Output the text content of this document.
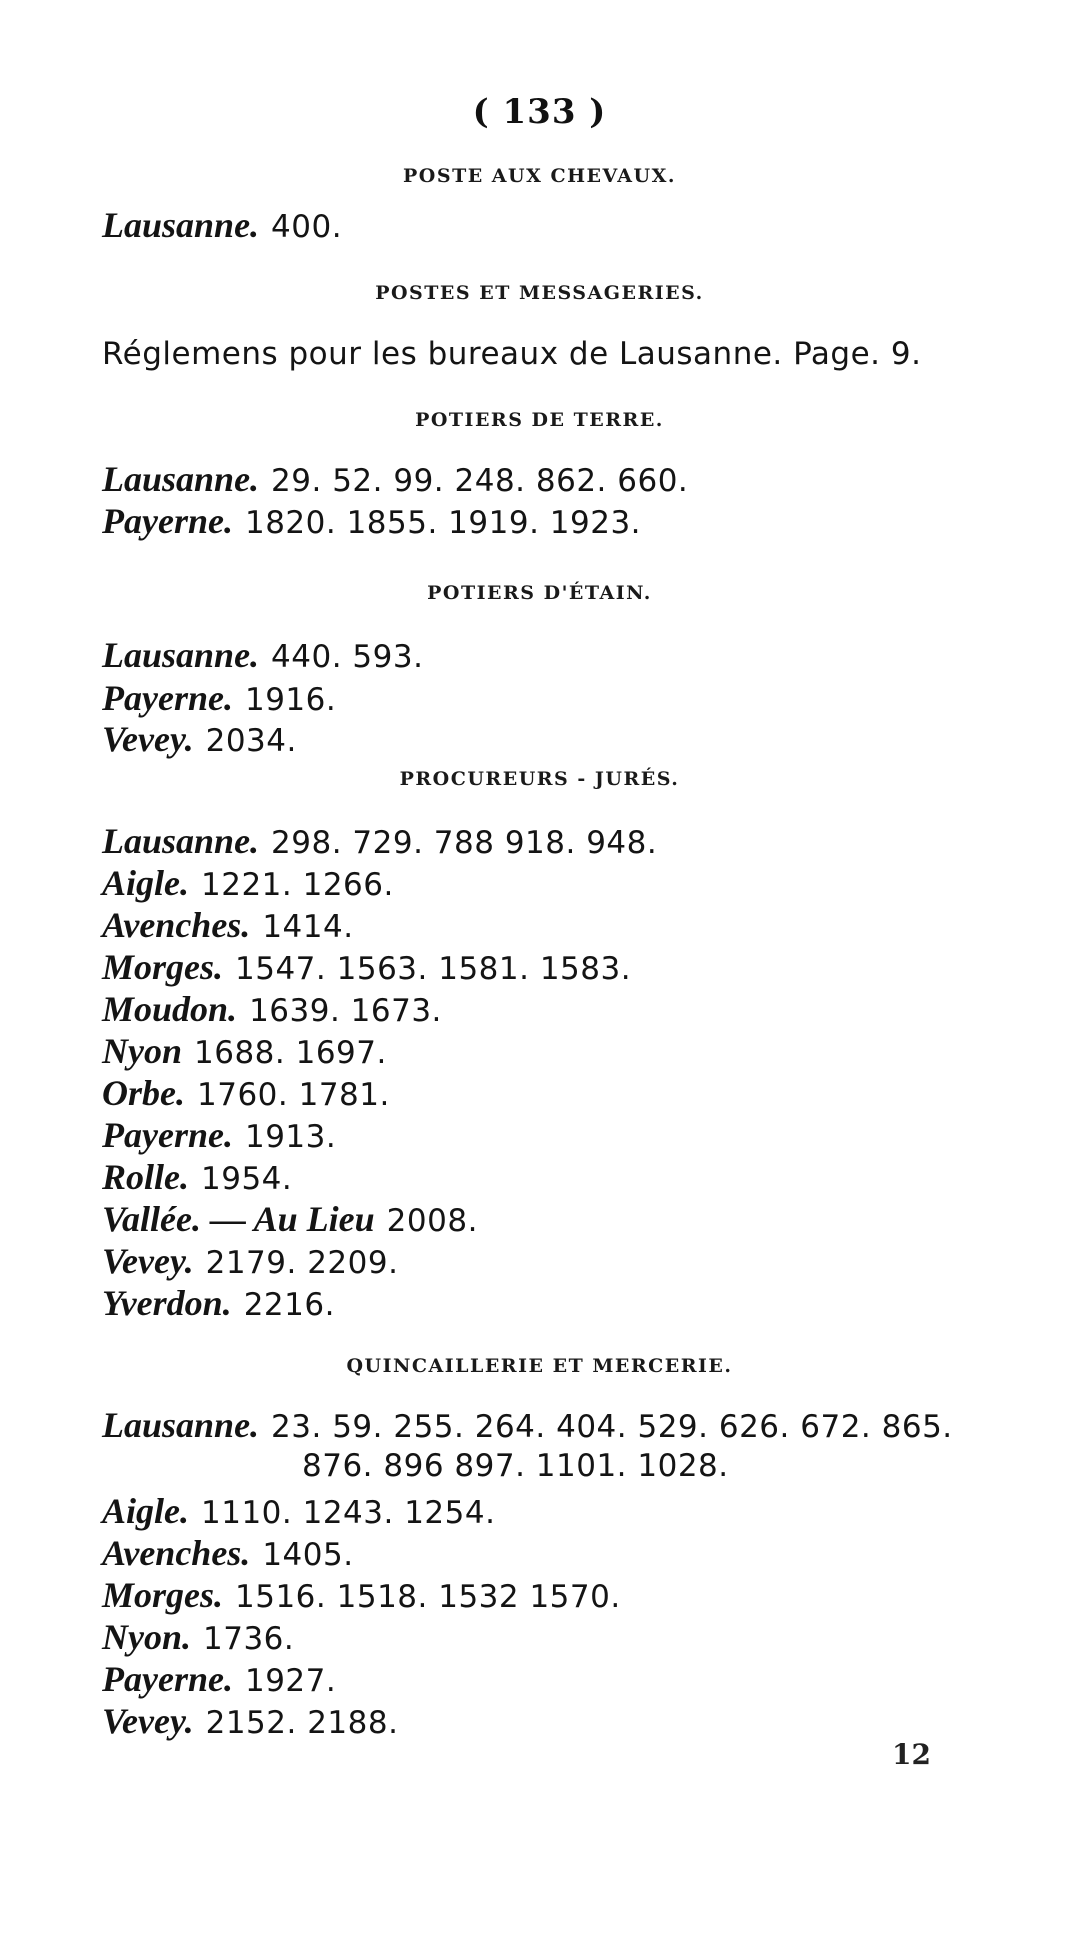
( 133 )
POSTE AUX CHEVAUX.
Lausanne. 400.
POSTES ET MESSAGERIES.
Réglemens pour les bureaux de Lausanne. Page. 9.
POTIERS DE TERRE.
Lausanne. 29. 52. 99. 248. 862. 660.
Payerne. 1820. 1855. 1919. 1923.
POTIERS D'ÉTAIN.
Lausanne. 440. 593.
Payerne. 1916.
Vevey. 2034.
PROCUREURS - JURÉS.
Lausanne. 298. 729. 788 918. 948.
Aigle. 1221. 1266.
Avenches. 1414.
Morges. 1547. 1563. 1581. 1583.
Moudon. 1639. 1673.
Nyon 1688. 1697.
Orbe. 1760. 1781.
Payerne. 1913.
Rolle. 1954.
Vallée. — Au Lieu 2008.
Vevey. 2179. 2209.
Yverdon. 2216.
QUINCAILLERIE ET MERCERIE.
Lausanne. 23. 59. 255. 264. 404. 529. 626. 672. 865.
876. 896 897. 1101. 1028.
Aigle. 1110. 1243. 1254.
Avenches. 1405.
Morges. 1516. 1518. 1532 1570.
Nyon. 1736.
Payerne. 1927.
Vevey. 2152. 2188.
12
